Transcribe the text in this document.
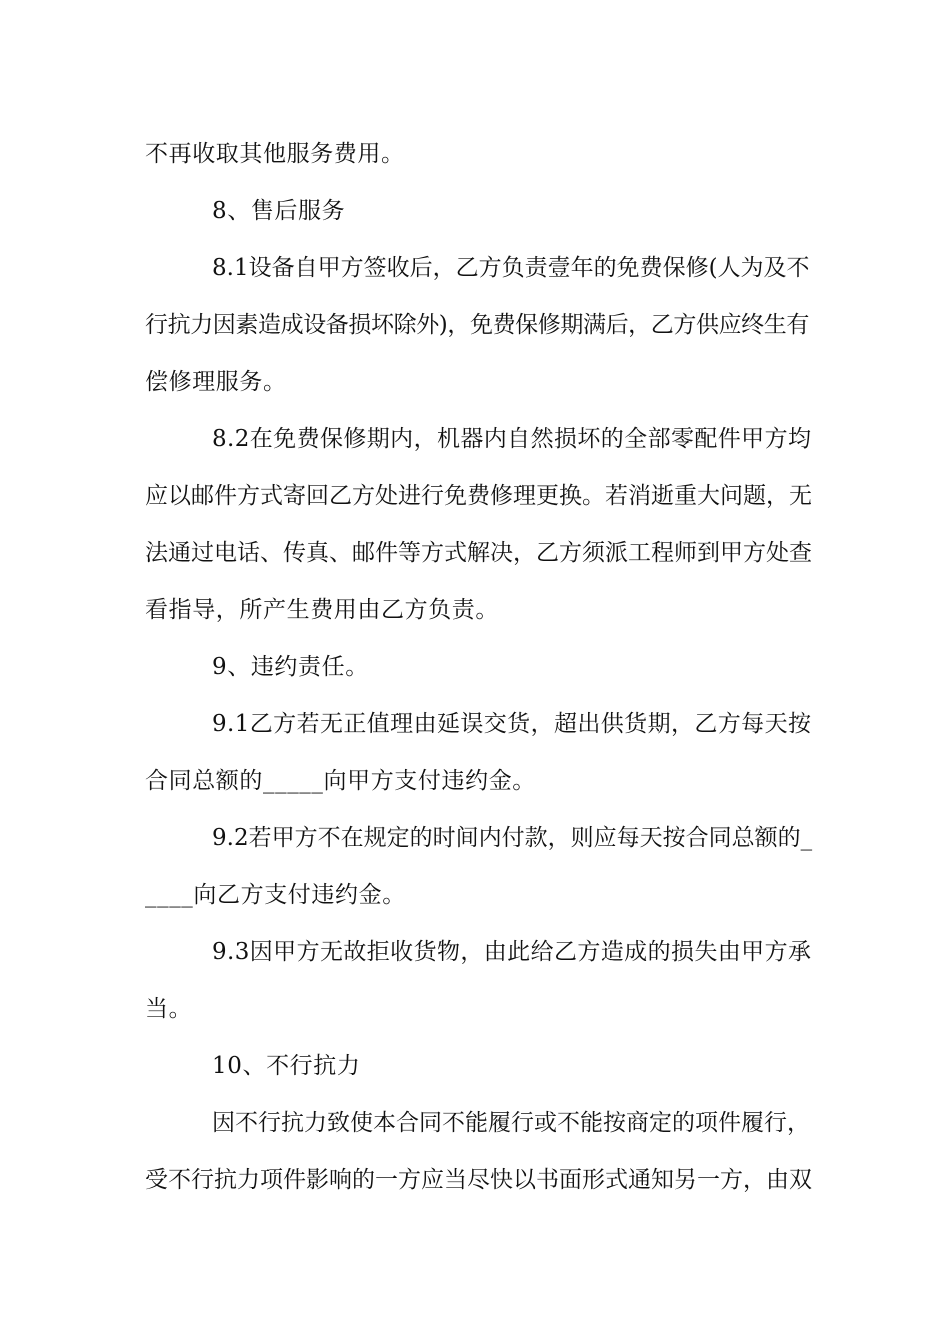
不再收取其他服务费用。
8、售后服务
8.1设备自甲方签收后，乙方负责壹年的免费保修(人为及不
行抗力因素造成设备损坏除外)，免费保修期满后，乙方供应终生有
偿修理服务。
8.2在免费保修期内，机器内自然损坏的全部零配件甲方均
应以邮件方式寄回乙方处进行免费修理更换。若消逝重大问题，无
法通过电话、传真、邮件等方式解决，乙方须派工程师到甲方处查
看指导，所产生费用由乙方负责。
9、违约责任。
9.1乙方若无正值理由延误交货，超出供货期，乙方每天按
合同总额的_____向甲方支付违约金。
9.2若甲方不在规定的时间内付款，则应每天按合同总额的_
____向乙方支付违约金。
9.3因甲方无故拒收货物，由此给乙方造成的损失由甲方承
当。
10、不行抗力
因不行抗力致使本合同不能履行或不能按商定的项件履行，
受不行抗力项件影响的一方应当尽快以书面形式通知另一方，由双
